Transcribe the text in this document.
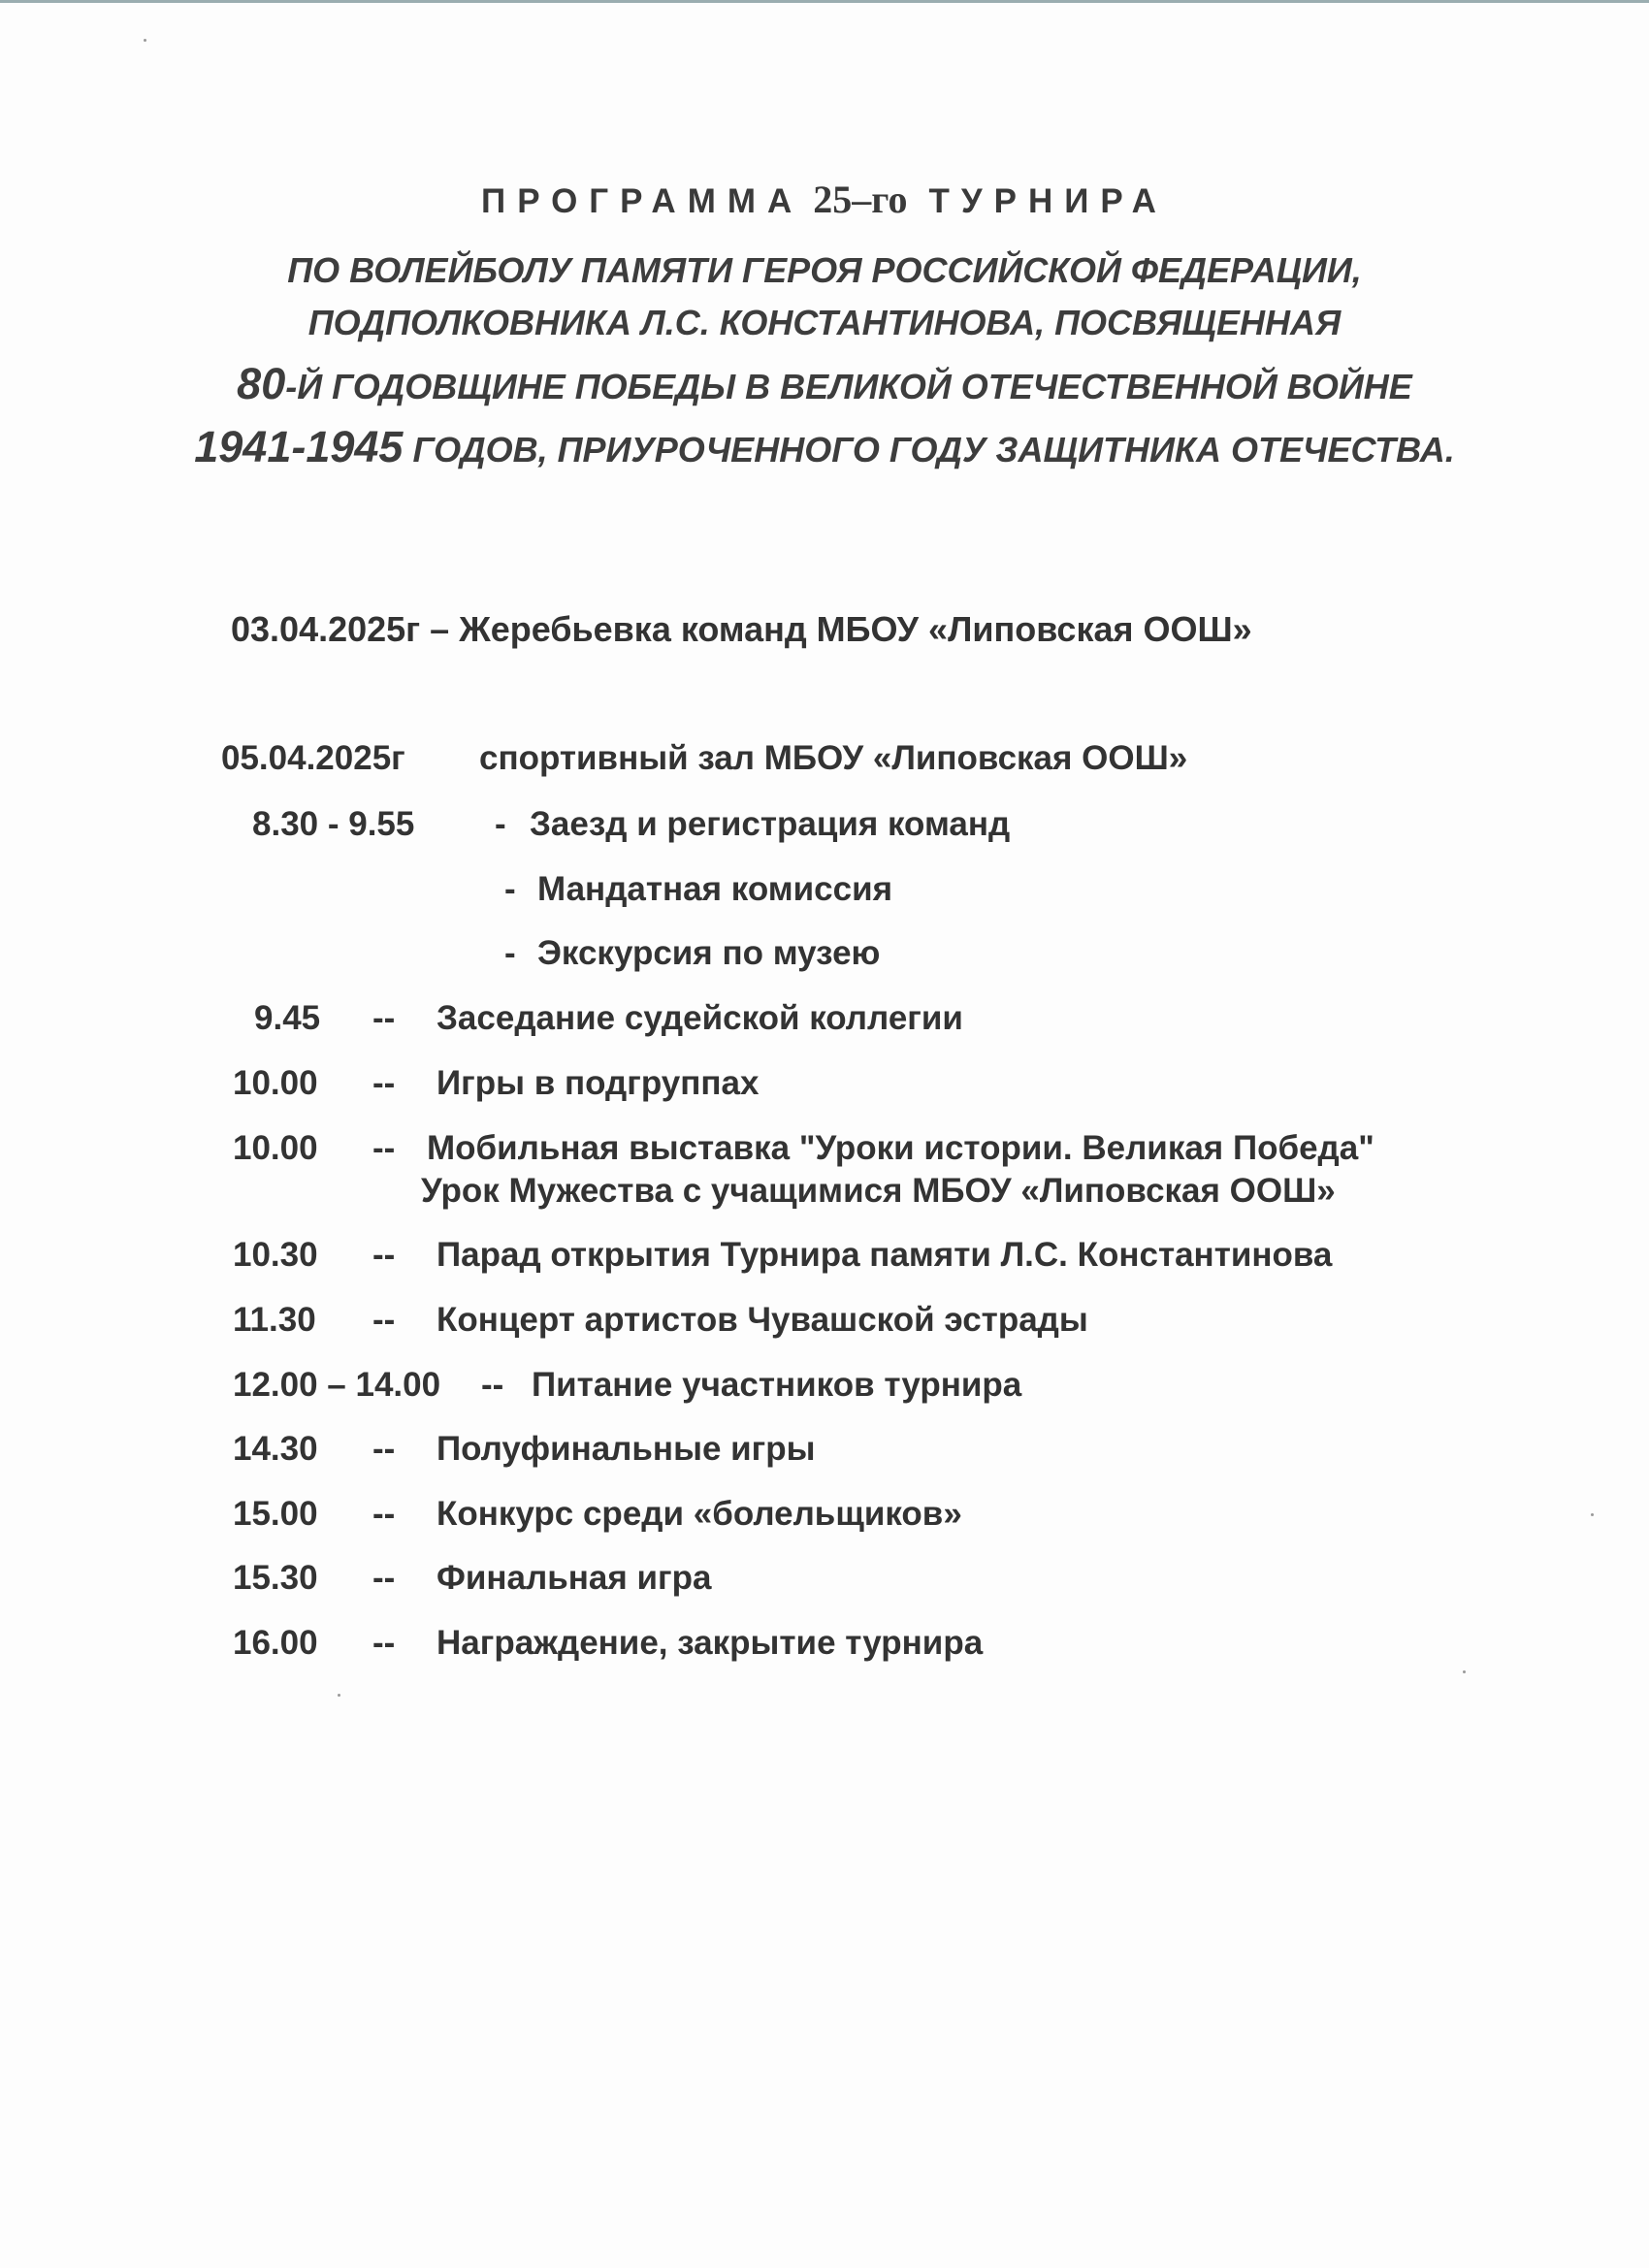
ПРОГРАММА 25–го ТУРНИРА
ПО ВОЛЕЙБОЛУ ПАМЯТИ ГЕРОЯ РОССИЙСКОЙ ФЕДЕРАЦИИ,
ПОДПОЛКОВНИКА Л.С. КОНСТАНТИНОВА, ПОСВЯЩЕННАЯ
80-Й ГОДОВЩИНЕ ПОБЕДЫ В ВЕЛИКОЙ ОТЕЧЕСТВЕННОЙ ВОЙНЕ
1941-1945 ГОДОВ, ПРИУРОЧЕННОГО ГОДУ ЗАЩИТНИКА ОТЕЧЕСТВА.
03.04.2025г – Жеребьевка команд МБОУ «Липовская ООШ»
05.04.2025г спортивный зал МБОУ «Липовская ООШ»
8.30 - 9.55 - Заезд и регистрация команд
- Мандатная комиссия
- Экскурсия по музею
9.45 -- Заседание судейской коллегии
10.00 -- Игры в подгруппах
10.00 -- Мобильная выставка "Уроки истории. Великая Победа"
Урок Мужества с учащимися МБОУ «Липовская ООШ»
10.30 -- Парад открытия Турнира памяти Л.С. Константинова
11.30 -- Концерт артистов Чувашской эстрады
12.00 – 14.00 -- Питание участников турнира
14.30 -- Полуфинальные игры
15.00 -- Конкурс среди «болельщиков»
15.30 -- Финальная игра
16.00 -- Награждение, закрытие турнира
